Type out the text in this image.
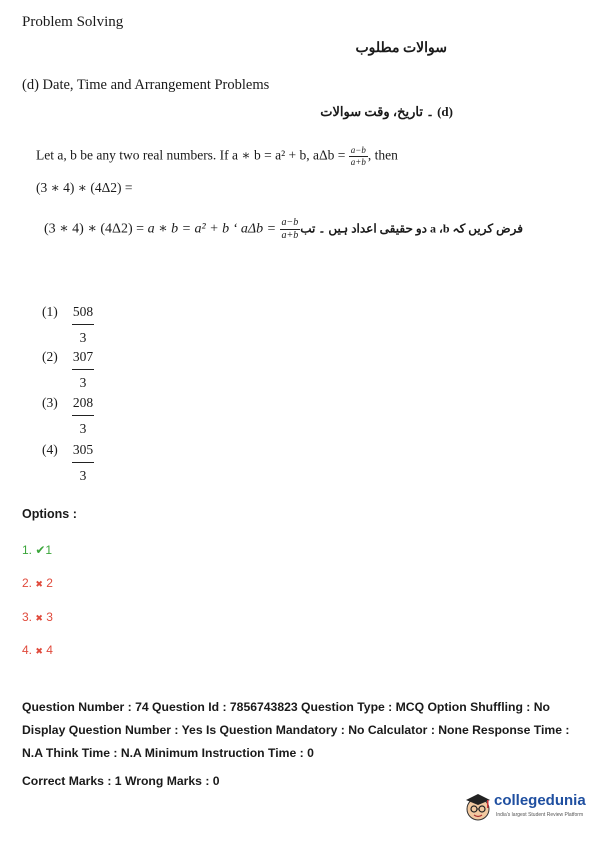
Problem Solving
سوالات مطلوب
(d) Date, Time and Arrangement Problems
(d) ۔ تاریخ، وقت سوالات
Let a, b be any two real numbers. If a ∗ b = a² + b, $a\Delta b = \frac{a-b}{a+b}$ , then
(3 ∗ 4) ∗ (4Δ2) =
(3 ∗ 4) ∗ (4Δ2) = a ∗ b = a² + b ‘ $a\Delta b = \frac{a-b}{a+b}$ فرض کریں کہ a ،b دو حقیقی اعداد ہیں ۔ تب
(1) 508
3
(2) 307
3
(3) 208
3
(4) 305
3
Options :
1. ✔1
2. ✖ 2
3. ✖ 3
4. ✖ 4
Question Number : 74 Question Id : 7856743823 Question Type : MCQ Option Shuffling : No Display Question Number : Yes Is Question Mandatory : No Calculator : None Response Time : N.A Think Time : N.A Minimum Instruction Time : 0
Correct Marks : 1 Wrong Marks : 0
collegedunia
India's largest Student Review Platform
